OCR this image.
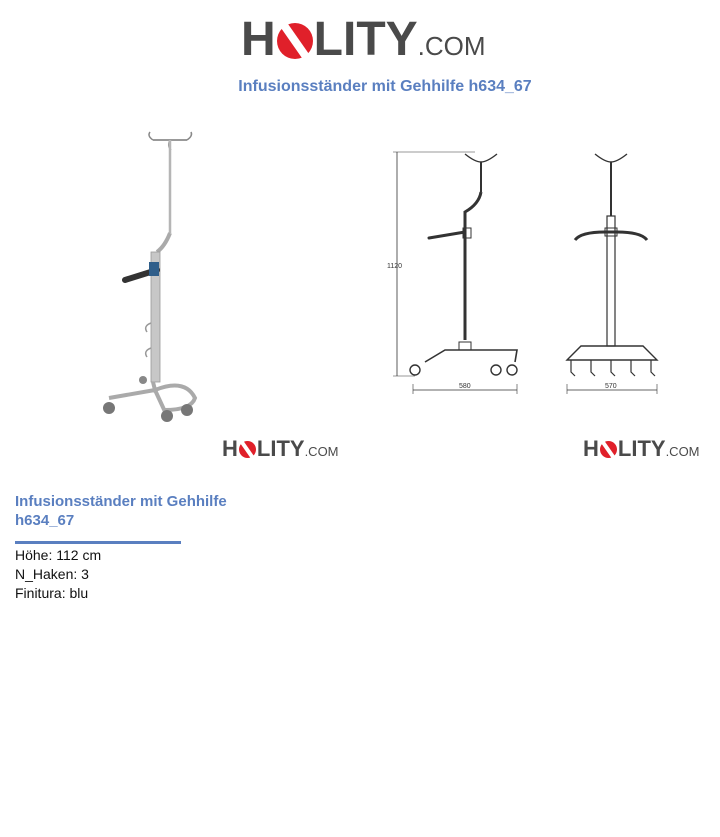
H LITY .COM
Infusionsständer mit Gehhilfe h634_67
1120
580	570
H LITY .COM	H LITY .COM
Infusionsständer mit Gehhilfe h634_67
Höhe: 112 cm
N_Haken: 3
Finitura: blu
